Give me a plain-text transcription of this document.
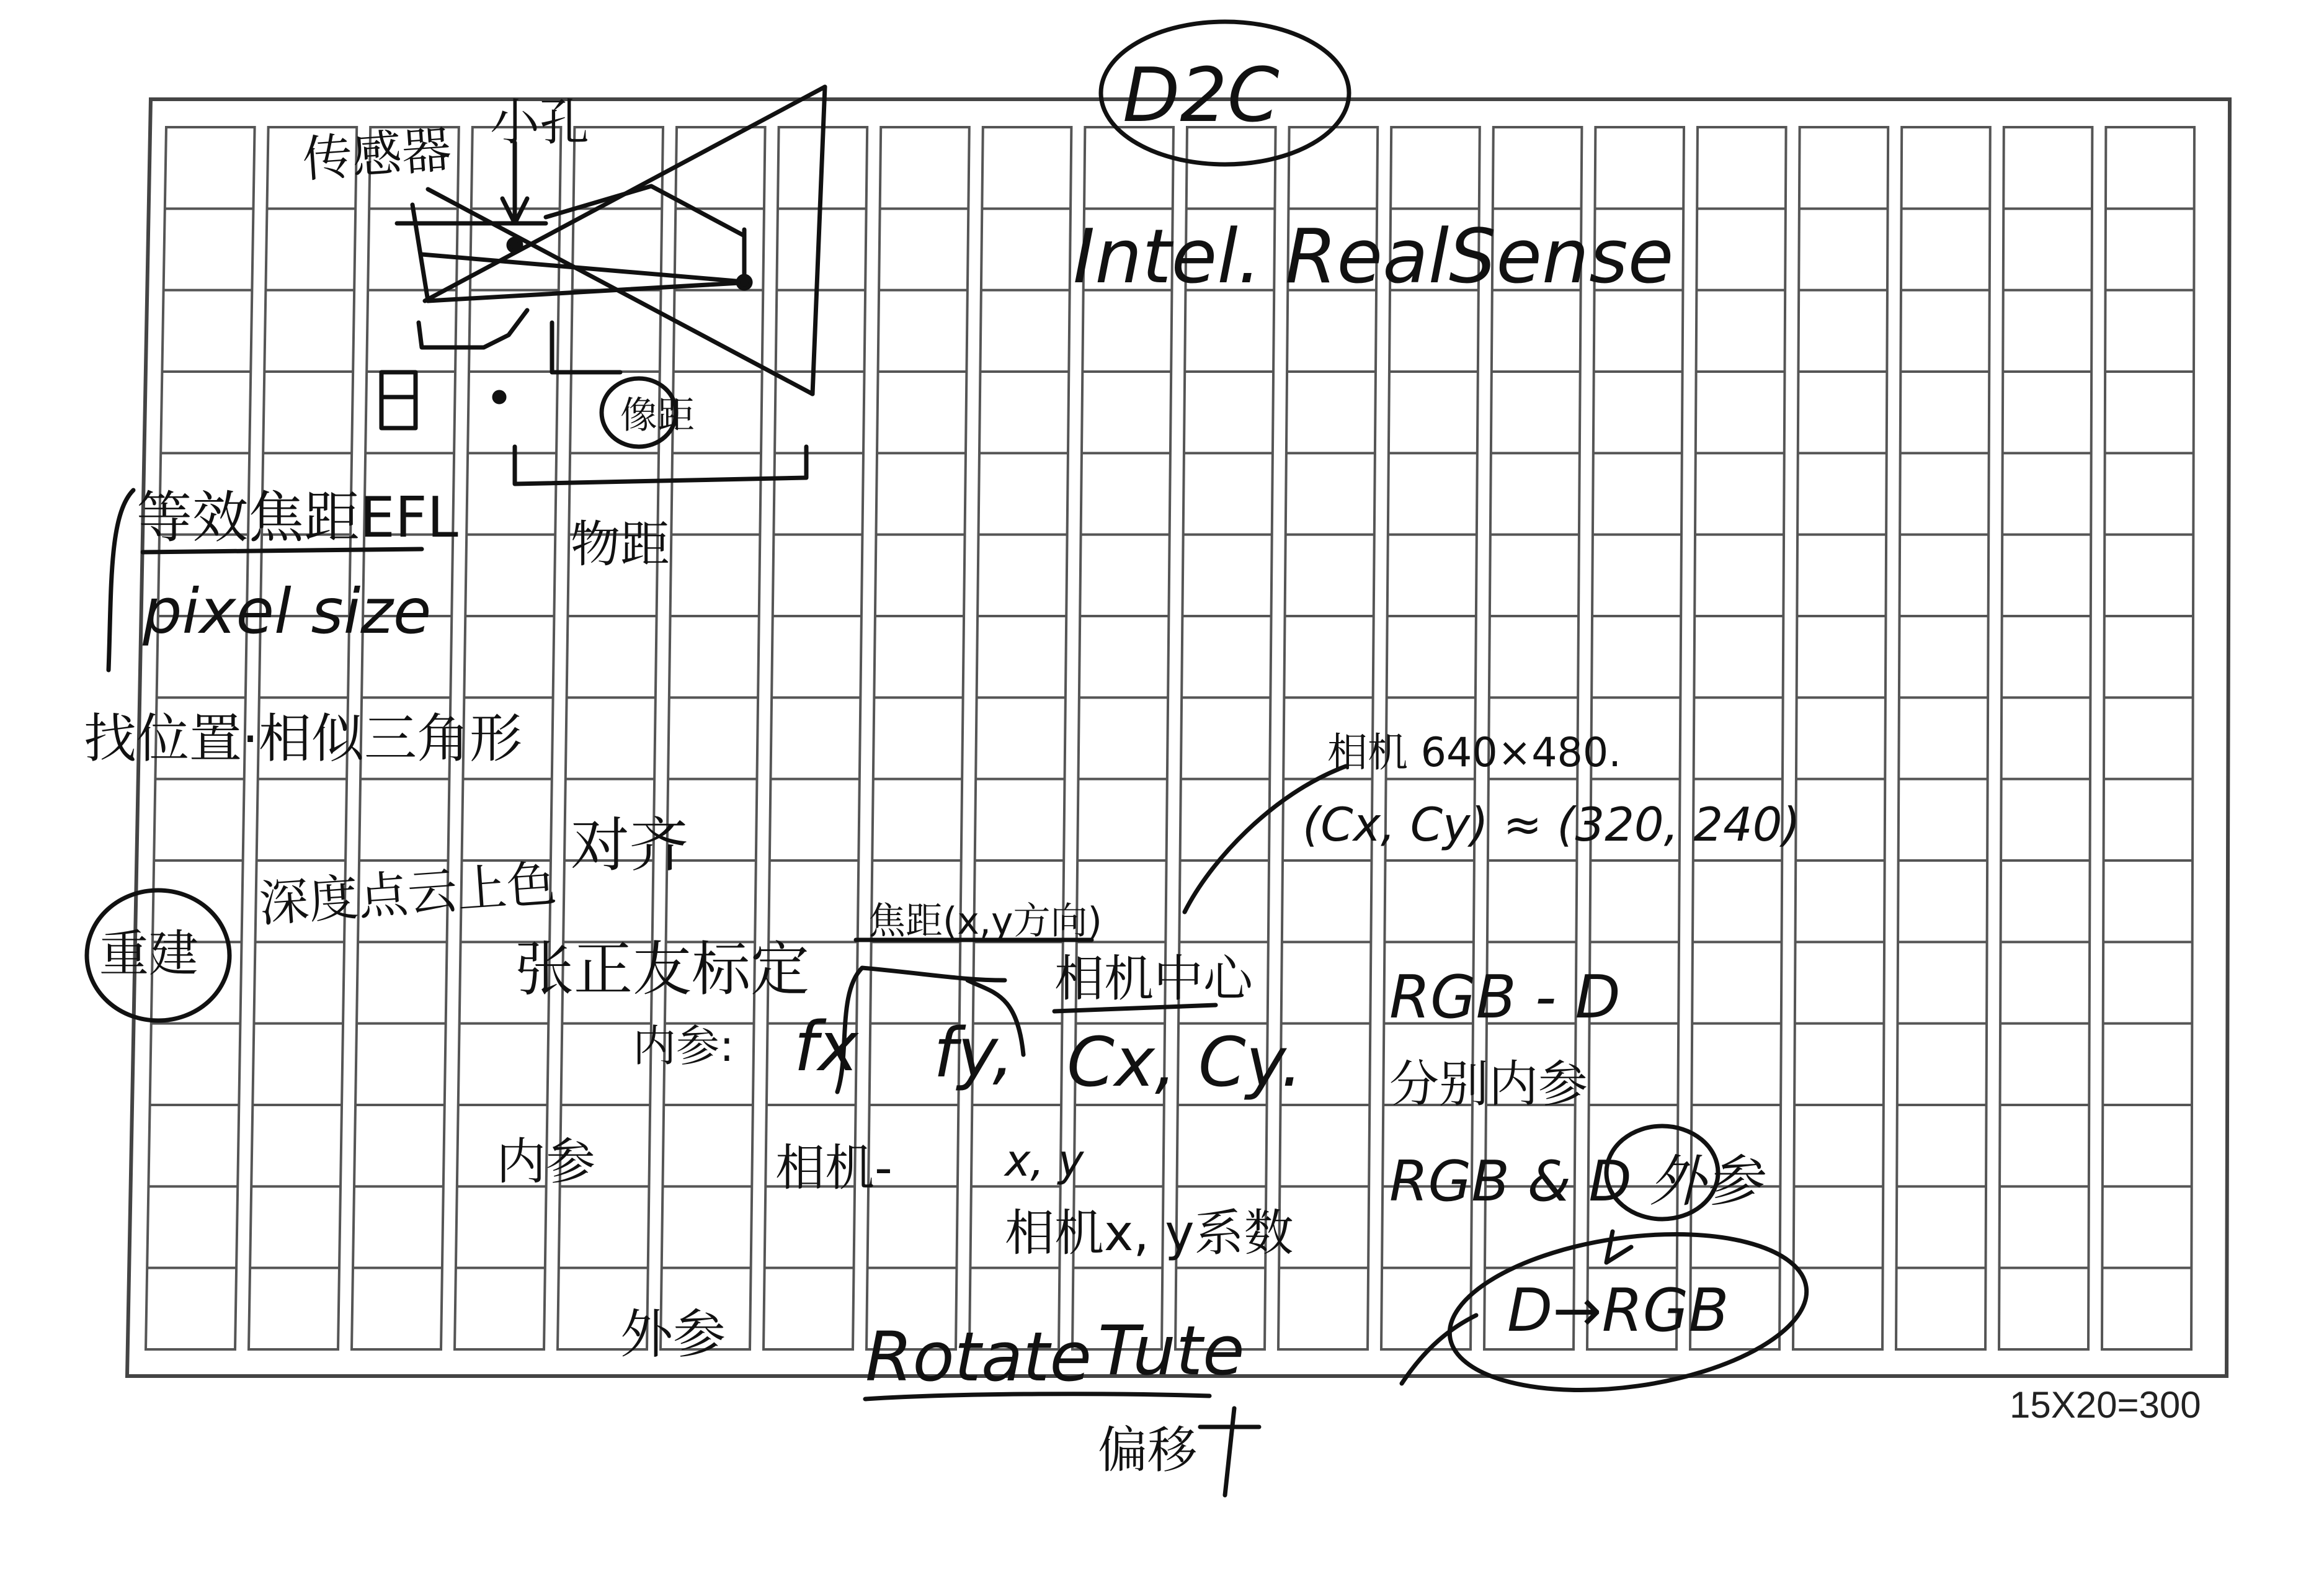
15X20=300
D2C
Intel. RealSense
像距
传感器 小孔
物距
等效焦距EFL
pixel size
找位置·相似三角形
重建
深度点云上色
对齐
张正友标定
焦距(x,y方向)
相机中心
内参: fx fy, Cx, Cy.
内参	相机-	x, y
相机x, y系数
外参 Rotate Tute
偏移
相机 640×480.
(Cx, Cy) ≈ (320, 240)
RGB - D
分别内参
RGB & D 外参
D→RGB
